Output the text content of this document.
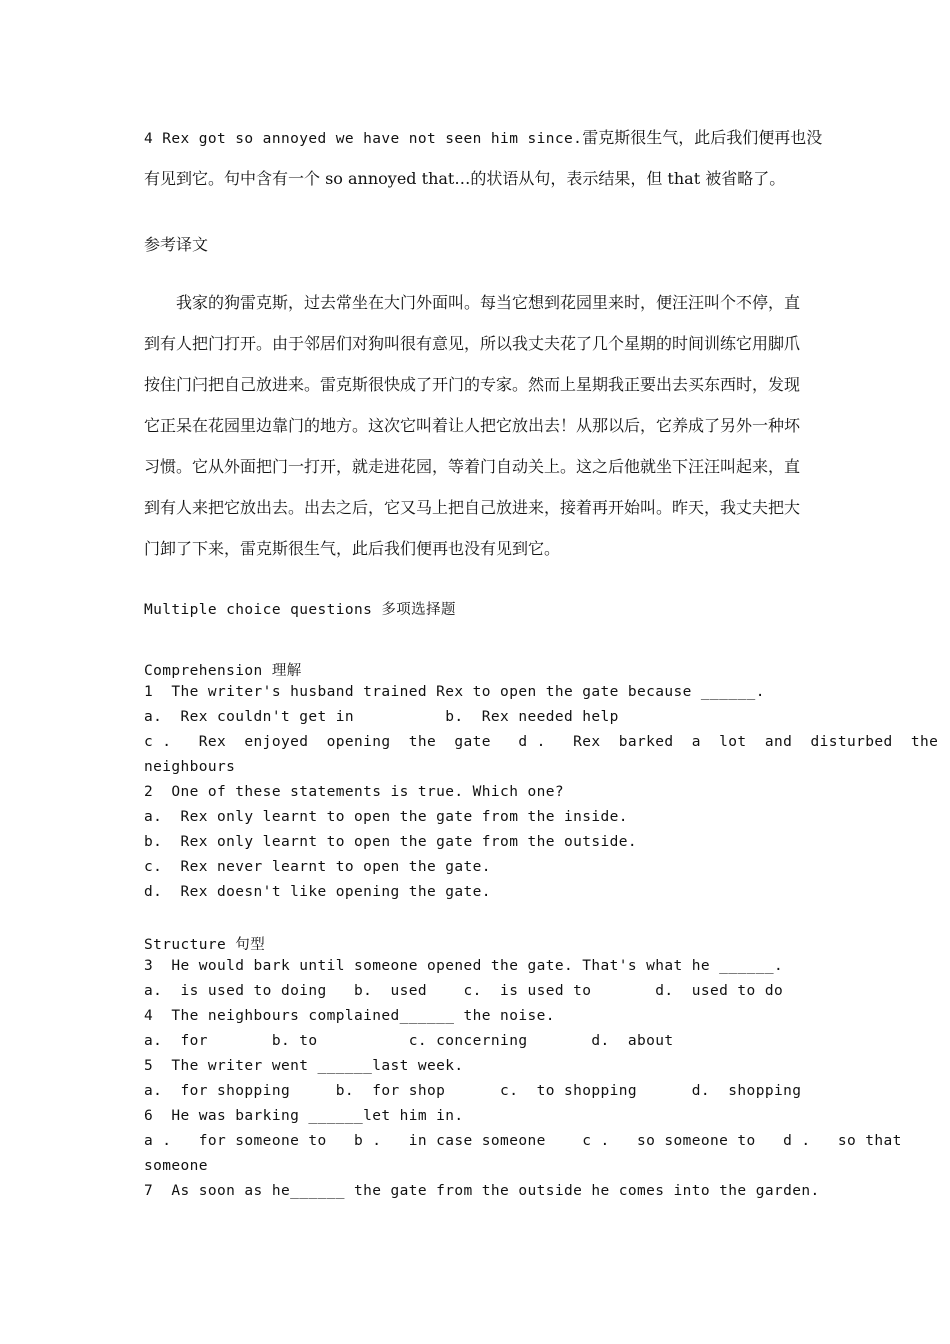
4 Rex got so annoyed we have not seen him since.雷克斯很生气，此后我们便再也没有见到它。句中含有一个 so annoyed that…的状语从句，表示结果，但 that 被省略了。
参考译文
我家的狗雷克斯，过去常坐在大门外面叫。每当它想到花园里来时，便汪汪叫个不停，直到有人把门打开。由于邻居们对狗叫很有意见，所以我丈夫花了几个星期的时间训练它用脚爪按住门闩把自己放进来。雷克斯很快成了开门的专家。然而上星期我正要出去买东西时，发现它正呆在花园里边靠门的地方。这次它叫着让人把它放出去！从那以后，它养成了另外一种坏习惯。它从外面把门一打开，就走进花园，等着门自动关上。这之后他就坐下汪汪叫起来，直到有人来把它放出去。出去之后，它又马上把自己放进来，接着再开始叫。昨天，我丈夫把大门卸了下来，雷克斯很生气，此后我们便再也没有见到它。
Multiple choice questions 多项选择题
Comprehension 理解
1  The writer's husband trained Rex to open the gate because ______.
a.  Rex couldn't get in          b.  Rex needed help
c .   Rex  enjoyed  opening  the  gate   d .   Rex  barked  a  lot  and  disturbed  the
neighbours
2  One of these statements is true. Which one?
a.  Rex only learnt to open the gate from the inside.
b.  Rex only learnt to open the gate from the outside.
c.  Rex never learnt to open the gate.
d.  Rex doesn't like opening the gate.
Structure 句型
3  He would bark until someone opened the gate. That's what he ______.
a.  is used to doing   b.  used    c.  is used to       d.  used to do
4  The neighbours complained______ the noise.
a.  for       b. to          c. concerning       d.  about
5  The writer went ______last week.
a.  for shopping     b.  for shop      c.  to shopping      d.  shopping
6  He was barking ______let him in.
a .   for someone to   b .   in case someone    c .   so someone to   d .   so that
someone
7  As soon as he______ the gate from the outside he comes into the garden.
